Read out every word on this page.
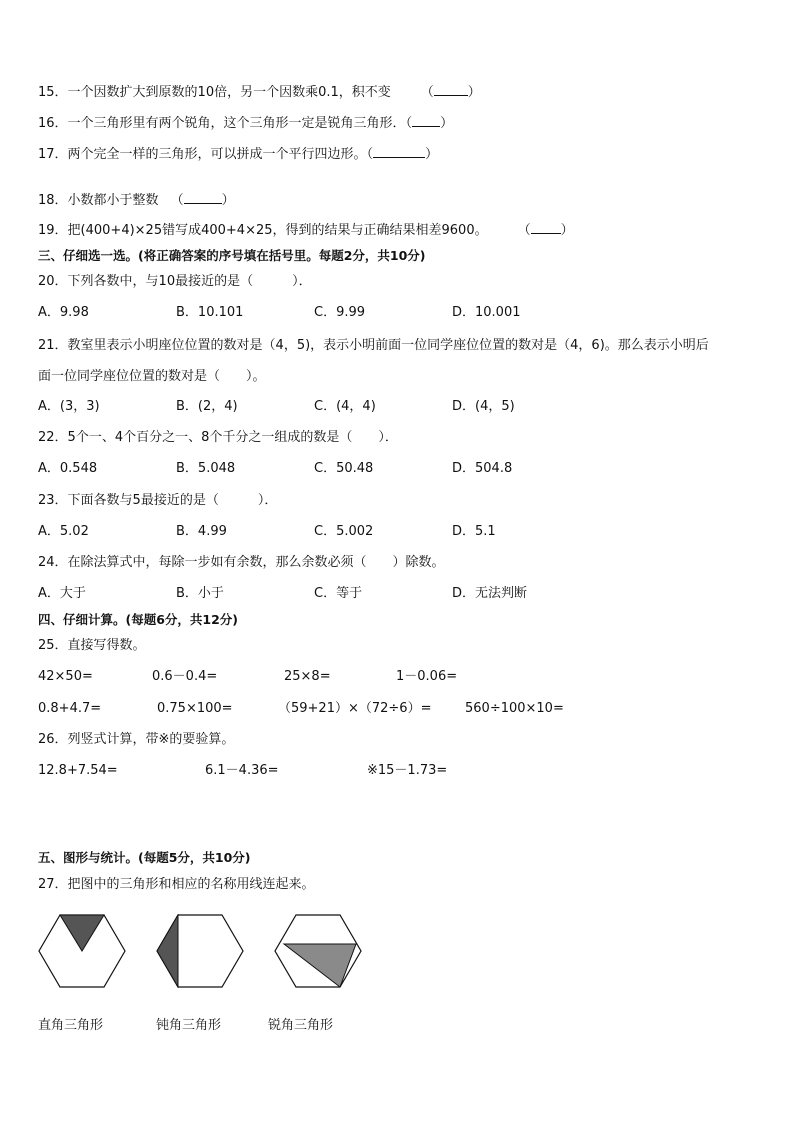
15．一个因数扩大到原数的10倍，另一个因数乘0.1，积不变 （	）
16．一个三角形里有两个锐角，这个三角形一定是锐角三角形．（ ）
17．两个完全一样的三角形，可以拼成一个平行四边形。（	）
18．小数都小于整数 （	）
19．把(400+4)×25错写成400+4×25，得到的结果与正确结果相差9600。 （ ）
三、仔细选一选。(将正确答案的序号填在括号里。每题2分，共10分)
20．下列各数中，与10最接近的是（　　　）．
A．9.98	B．10.101	C．9.99	D．10.001
21．教室里表示小明座位位置的数对是（4，5)，表示小明前面一位同学座位位置的数对是（4，6)。那么表示小明后
面一位同学座位位置的数对是（　　）。
A．(3，3)	B．(2，4)	C．(4，4)	D．(4，5)
22．5个一、4个百分之一、8个千分之一组成的数是（　　）．
A．0.548	B．5.048	C．50.48	D．504.8
23．下面各数与5最接近的是（　　　）．
A．5.02	B．4.99	C．5.002	D．5.1
24．在除法算式中，每除一步如有余数，那么余数必须（　　）除数。
A．大于	B．小于	C．等于	D．无法判断
四、仔细计算。(每题6分，共12分)
25．直接写得数。
42×50=	0.6－0.4=	25×8=	1－0.06=
0.8+4.7=	0.75×100=	（59+21）×（72÷6）=	560÷100×10=
26．列竖式计算，带※的要验算。
12.8+7.54=	6.1－4.36=	※15－1.73=
五、图形与统计。(每题5分，共10分)
27．把图中的三角形和相应的名称用线连起来。
直角三角形	钝角三角形	锐角三角形
